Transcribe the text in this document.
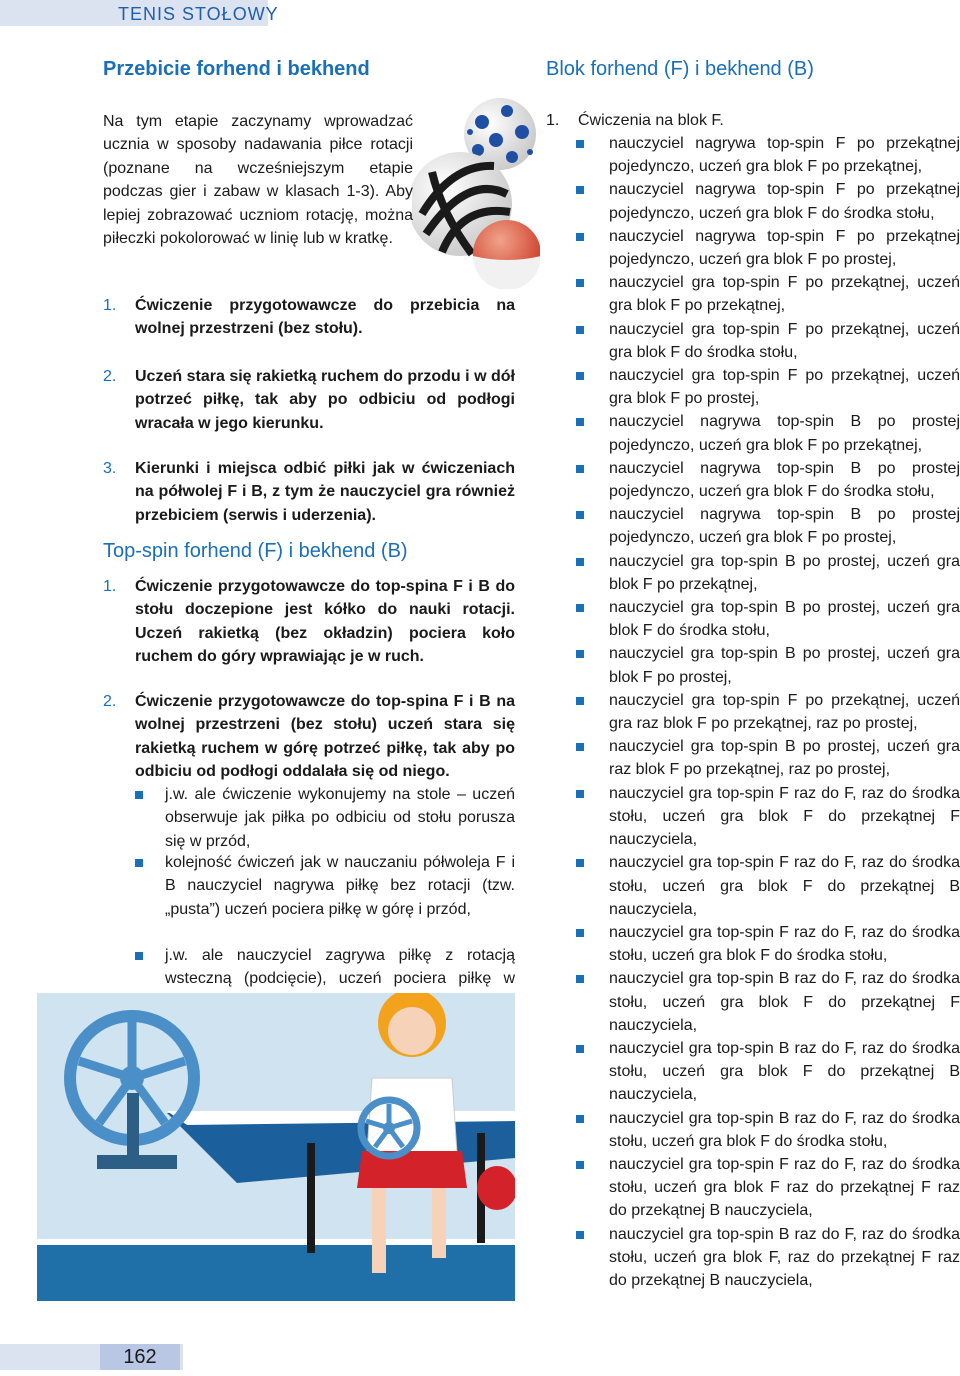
TENIS STOŁOWY
Przebicie forhend i bekhend
Na tym etapie zaczynamy wprowadzać ucznia w sposoby nadawania piłce rotacji (poznane na wcześniejszym etapie podczas gier i zabaw w klasach 1-3). Aby lepiej zobrazować uczniom rotację, można piłeczki pokolorować w linię lub w kratkę.
1. Ćwiczenie przygotowawcze do przebicia na wolnej przestrzeni (bez stołu).
2. Uczeń stara się rakietką ruchem do przodu i w dół potrzeć piłkę, tak aby po odbiciu od podłogi wracała w jego kierunku.
3. Kierunki i miejsca odbić piłki jak w ćwiczeniach na półwolej F i B, z tym że nauczyciel gra również przebiciem (serwis i uderzenia).
Top-spin forhend (F) i bekhend (B)
1. Ćwiczenie przygotowawcze do top-spina F i B do stołu doczepione jest kółko do nauki rotacji. Uczeń rakietką (bez okładzin) pociera koło ruchem do góry wprawiając je w ruch.
2. Ćwiczenie przygotowawcze do top-spina F i B na wolnej przestrzeni (bez stołu) uczeń stara się rakietką ruchem w górę potrzeć piłkę, tak aby po odbiciu od podłogi oddalała się od niego.
j.w. ale ćwiczenie wykonujemy na stole – uczeń obserwuje jak piłka po odbiciu od stołu porusza się w przód,
kolejność ćwiczeń jak w nauczaniu półwoleja F i B nauczyciel nagrywa piłkę bez rotacji (tzw. „pusta”) uczeń pociera piłkę w górę i przód,
j.w. ale nauczyciel zagrywa piłkę z rotacją wsteczną (podcięcie), uczeń pociera piłkę w
Blok forhend (F) i bekhend (B)
1. Ćwiczenia na blok F.
nauczyciel nagrywa top-spin F po przekątnej pojedynczo, uczeń gra blok F po przekątnej,
nauczyciel nagrywa top-spin F po przekątnej pojedynczo, uczeń gra blok F do środka stołu,
nauczyciel nagrywa top-spin F po przekątnej pojedynczo, uczeń gra blok F po prostej,
nauczyciel gra top-spin F po przekątnej, uczeń gra blok F po przekątnej,
nauczyciel gra top-spin F po przekątnej, uczeń gra blok F do środka stołu,
nauczyciel gra top-spin F po przekątnej, uczeń gra blok F po prostej,
nauczyciel nagrywa top-spin B po prostej pojedynczo, uczeń gra blok F po przekątnej,
nauczyciel nagrywa top-spin B po prostej pojedynczo, uczeń gra blok F do środka stołu,
nauczyciel nagrywa top-spin B po prostej pojedynczo, uczeń gra blok F po prostej,
nauczyciel gra top-spin B po prostej, uczeń gra blok F po przekątnej,
nauczyciel gra top-spin B po prostej, uczeń gra blok F do środka stołu,
nauczyciel gra top-spin B po prostej, uczeń gra blok F po prostej,
nauczyciel gra top-spin F po przekątnej, uczeń gra raz blok F po przekątnej, raz po prostej,
nauczyciel gra top-spin B po prostej, uczeń gra raz blok F po przekątnej, raz po prostej,
nauczyciel gra top-spin F raz do F, raz do środka stołu, uczeń gra blok F do przekątnej F nauczyciela,
nauczyciel gra top-spin F raz do F, raz do środka stołu, uczeń gra blok F do przekątnej B nauczyciela,
nauczyciel gra top-spin F raz do F, raz do środka stołu, uczeń gra blok F do środka stołu,
nauczyciel gra top-spin B raz do F, raz do środka stołu, uczeń gra blok F do przekątnej F nauczyciela,
nauczyciel gra top-spin B raz do F, raz do środka stołu, uczeń gra blok F do przekątnej B nauczyciela,
nauczyciel gra top-spin B raz do F, raz do środka stołu, uczeń gra blok F do środka stołu,
nauczyciel gra top-spin F raz do F, raz do środka stołu, uczeń gra blok F raz do przekątnej F raz do przekątnej B nauczyciela,
nauczyciel gra top-spin B raz do F, raz do środka stołu, uczeń gra blok F, raz do przekątnej F raz do przekątnej B nauczyciela,
162
